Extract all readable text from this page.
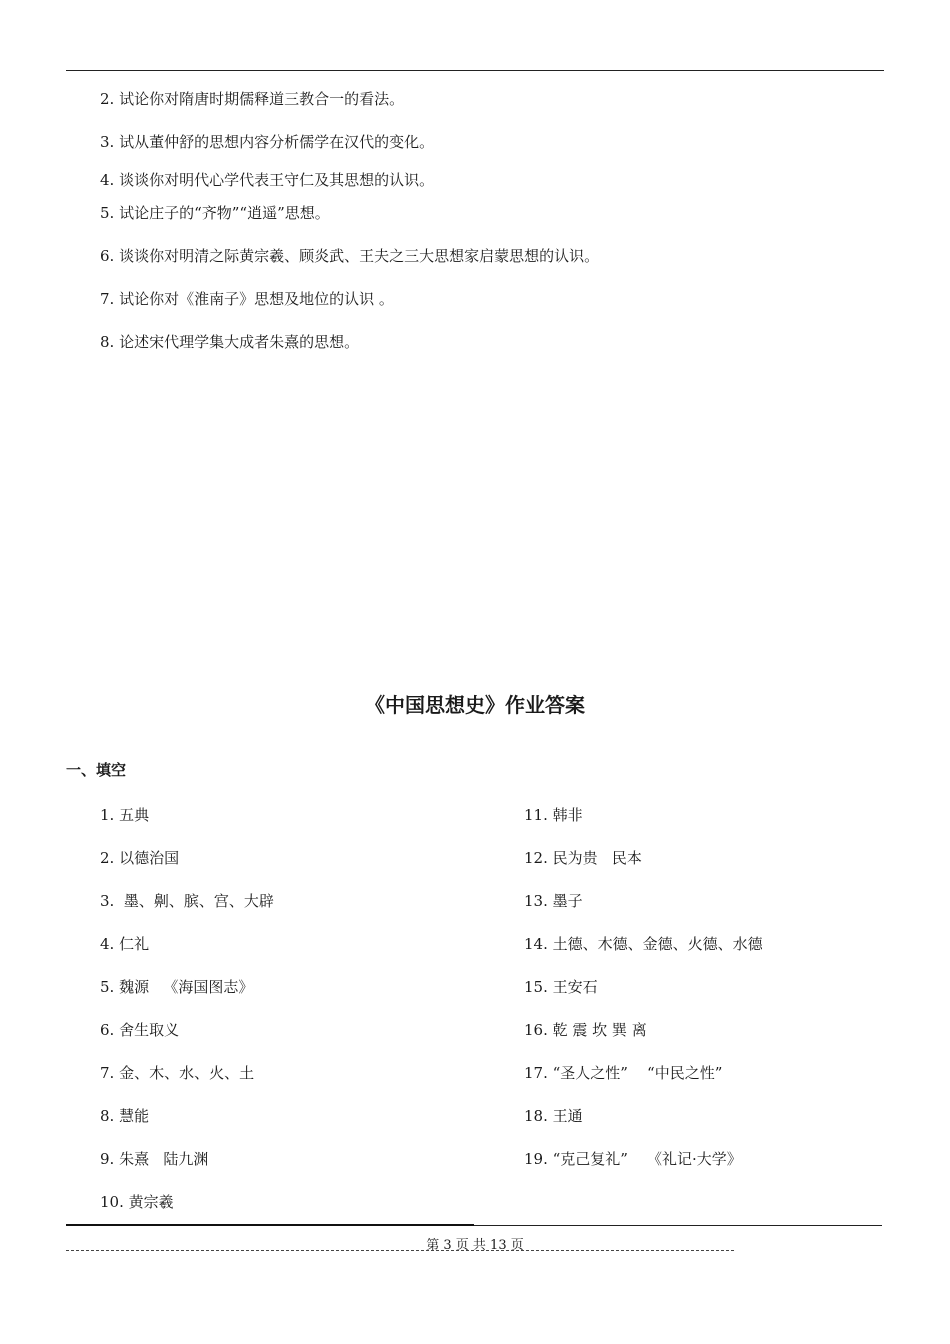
2. 试论你对隋唐时期儒释道三教合一的看法。
3. 试从董仲舒的思想内容分析儒学在汉代的变化。
4. 谈谈你对明代心学代表王守仁及其思想的认识。
5. 试论庄子的“齐物”“逍遥”思想。
6. 谈谈你对明清之际黄宗羲、顾炎武、王夫之三大思想家启蒙思想的认识。
7. 试论你对《淮南子》思想及地位的认识 。
8. 论述宋代理学集大成者朱熹的思想。
《中国思想史》作业答案
一、填空
1. 五典
2. 以德治国
3.  墨、劓、膑、宫、大辟
4. 仁礼
5. 魏源   《海国图志》
6. 舍生取义
7. 金、木、水、火、土
8. 慧能
9. 朱熹   陆九渊
10. 黄宗羲
11. 韩非
12. 民为贵   民本
13. 墨子
14. 土德、木德、金德、火德、水德
15. 王安石
16. 乾 震 坎 巽 离
17. “圣人之性”    “中民之性”
18. 王通
19. “克己复礼”    《礼记·大学》
第 3 页 共 13 页
